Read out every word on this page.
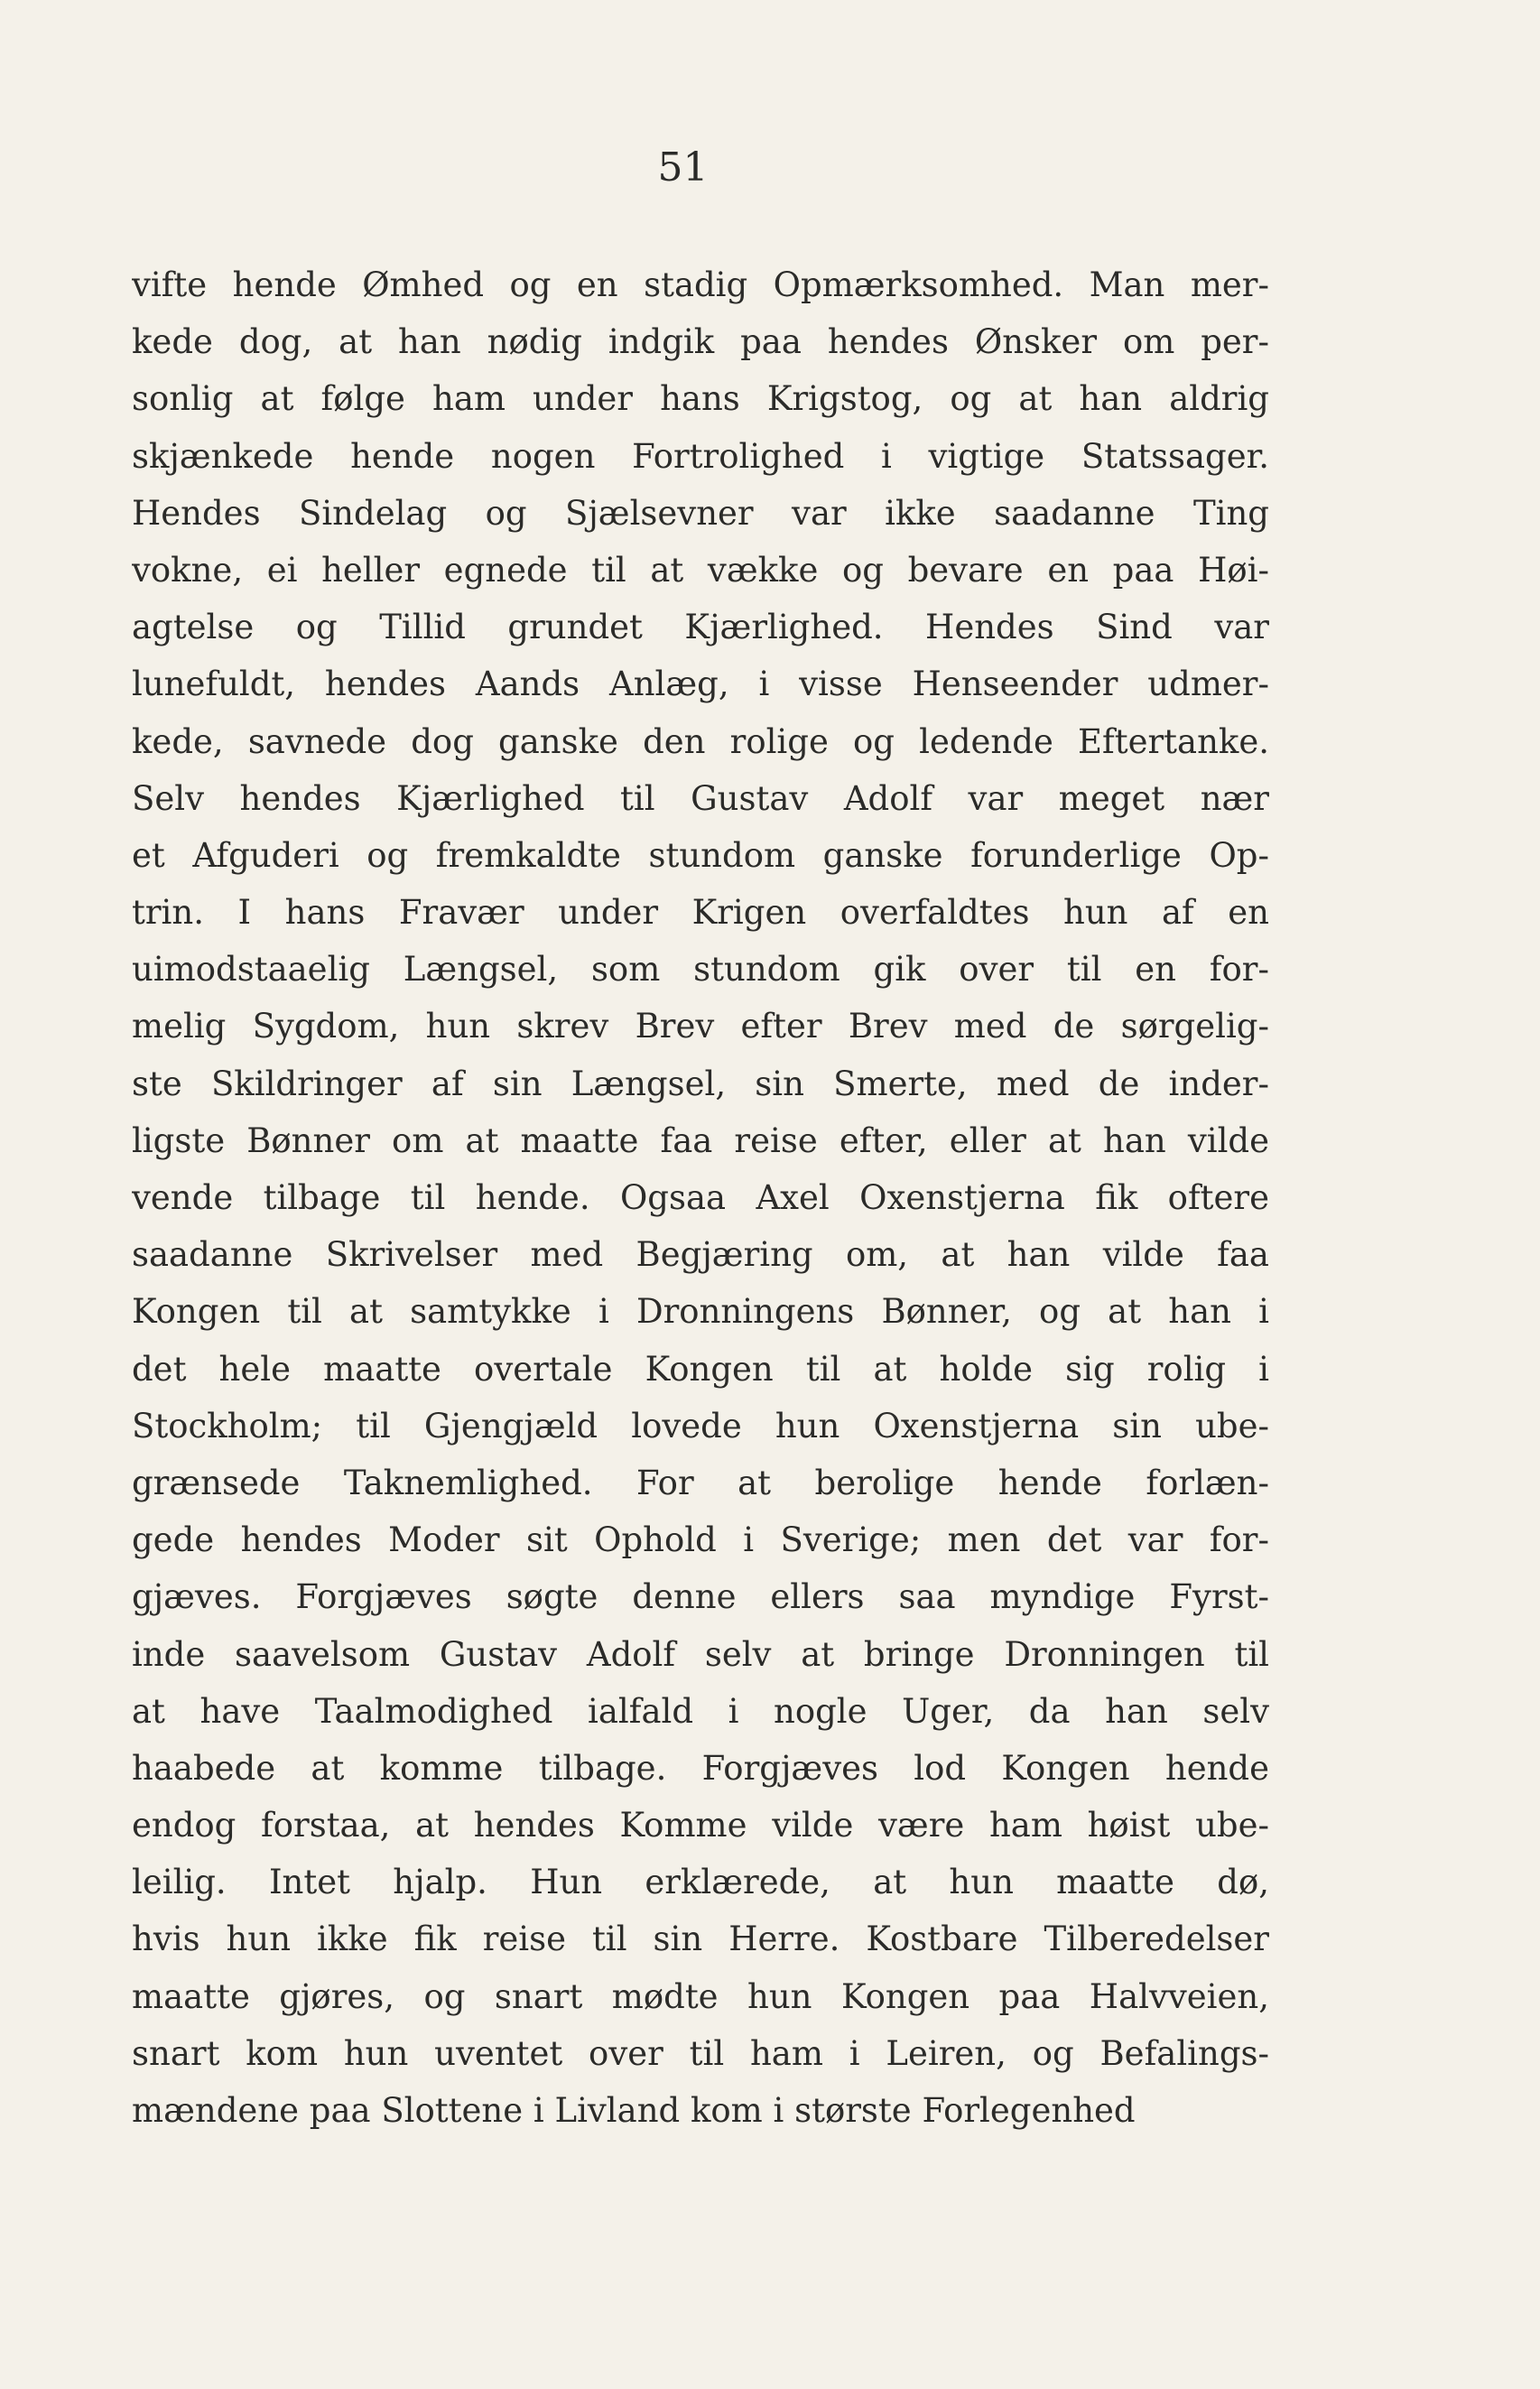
51
vifte hende Ømhed og en stadig Opmærksomhed. Man mer-
kede dog, at han nødig indgik paa hendes Ønsker om per-
sonlig at følge ham under hans Krigstog, og at han aldrig
skjænkede hende nogen Fortrolighed i vigtige Statssager.
Hendes Sindelag og Sjælsevner var ikke saadanne Ting
vokne, ei heller egnede til at vække og bevare en paa Høi-
agtelse og Tillid grundet Kjærlighed. Hendes Sind var
lunefuldt, hendes Aands Anlæg, i visse Henseender udmer-
kede, savnede dog ganske den rolige og ledende Eftertanke.
Selv hendes Kjærlighed til Gustav Adolf var meget nær
et Afguderi og fremkaldte stundom ganske forunderlige Op-
trin. I hans Fravær under Krigen overfaldtes hun af en
uimodstaaelig Længsel, som stundom gik over til en for-
melig Sygdom, hun skrev Brev efter Brev med de sørgelig-
ste Skildringer af sin Længsel, sin Smerte, med de inder-
ligste Bønner om at maatte faa reise efter, eller at han vilde
vende tilbage til hende. Ogsaa Axel Oxenstjerna fik oftere
saadanne Skrivelser med Begjæring om, at han vilde faa
Kongen til at samtykke i Dronningens Bønner, og at han i
det hele maatte overtale Kongen til at holde sig rolig i
Stockholm; til Gjengjæld lovede hun Oxenstjerna sin ube-
grænsede Taknemlighed. For at berolige hende forlæn-
gede hendes Moder sit Ophold i Sverige; men det var for-
gjæves. Forgjæves søgte denne ellers saa myndige Fyrst-
inde saavelsom Gustav Adolf selv at bringe Dronningen til
at have Taalmodighed ialfald i nogle Uger, da han selv
haabede at komme tilbage. Forgjæves lod Kongen hende
endog forstaa, at hendes Komme vilde være ham høist ube-
leilig. Intet hjalp. Hun erklærede, at hun maatte dø,
hvis hun ikke fik reise til sin Herre. Kostbare Tilberedelser
maatte gjøres, og snart mødte hun Kongen paa Halvveien,
snart kom hun uventet over til ham i Leiren, og Befalings-
mændene paa Slottene i Livland kom i største Forlegenhed
